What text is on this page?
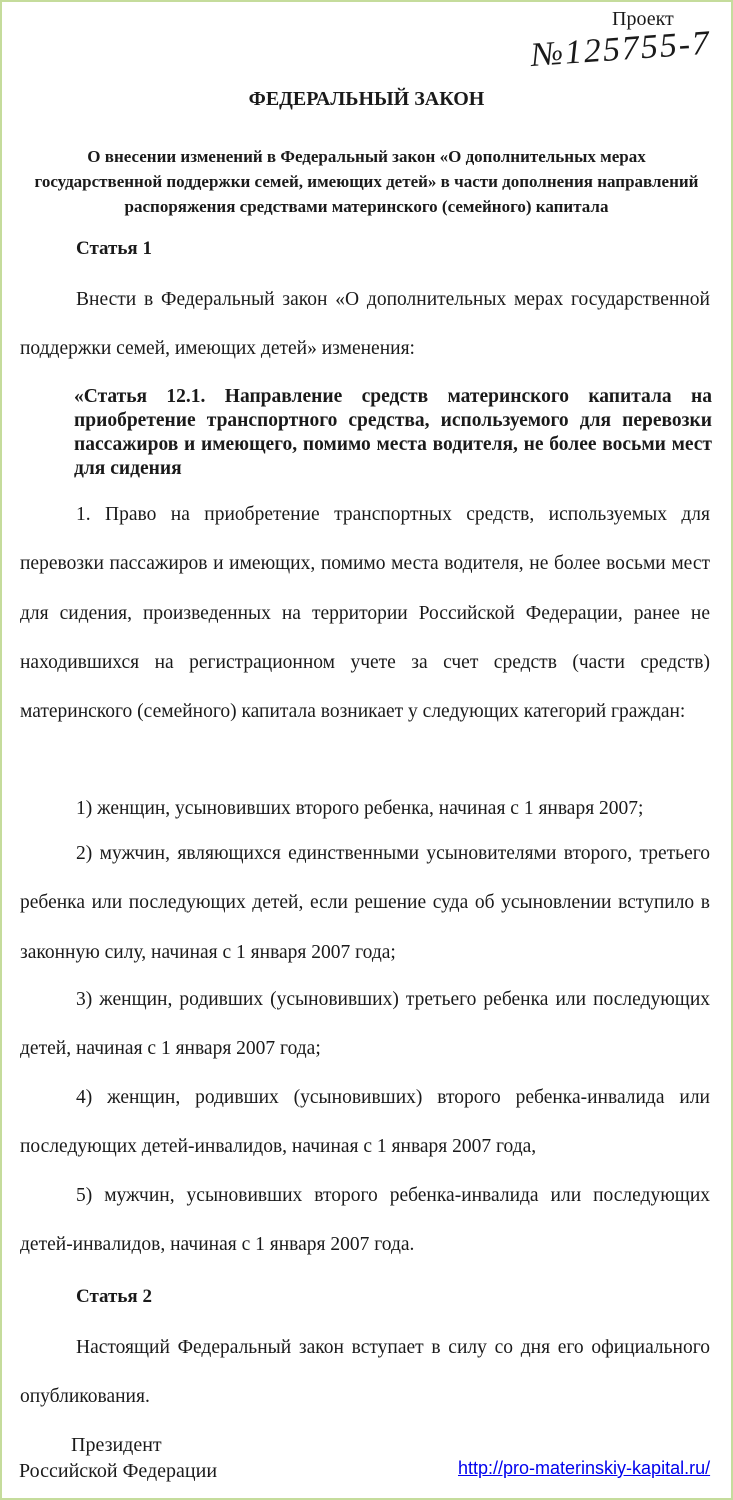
Проект
№125755-7
ФЕДЕРАЛЬНЫЙ ЗАКОН
О внесении изменений в Федеральный закон «О дополнительных мерах государственной поддержки семей, имеющих детей» в части дополнения направлений распоряжения средствами материнского (семейного) капитала
Статья 1

Внести в Федеральный закон «О дополнительных мерах государственной поддержки семей, имеющих детей» изменения:

«Статья 12.1. Направление средств материнского капитала на приобретение транспортного средства, используемого для перевозки пассажиров и имеющего, помимо места водителя, не более восьми мест для сидения

1. Право на приобретение транспортных средств, используемых для перевозки пассажиров и имеющих, помимо места водителя, не более восьми мест для сидения, произведенных на территории Российской Федерации, ранее не находившихся на регистрационном учете за счет средств (части средств) материнского (семейного) капитала возникает у следующих категорий граждан:

1) женщин, усыновивших второго ребенка, начиная с 1 января 2007;

2) мужчин, являющихся единственными усыновителями второго, третьего ребенка или последующих детей, если решение суда об усыновлении вступило в законную силу, начиная с 1 января 2007 года;

3) женщин, родивших (усыновивших) третьего ребенка или последующих детей, начиная с 1 января 2007 года;

4) женщин, родивших (усыновивших) второго ребенка-инвалида или последующих детей-инвалидов, начиная с 1 января 2007 года,

5) мужчин, усыновивших второго ребенка-инвалида или последующих детей-инвалидов, начиная с 1 января 2007 года.

Статья 2

Настоящий Федеральный закон вступает в силу со дня его официального опубликования.

Президент
Российской Федерации	http://pro-materinskiy-kapital.ru/
